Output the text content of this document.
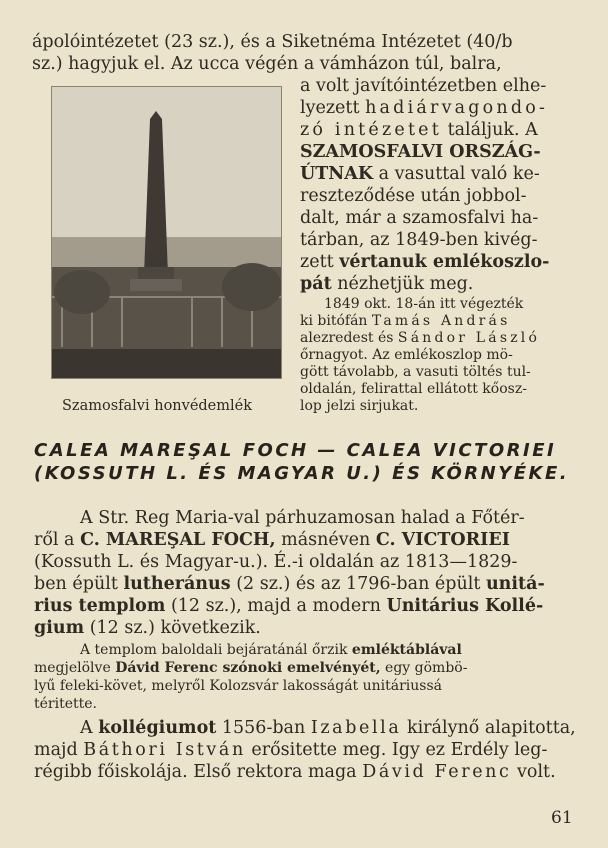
ápolóintézetet (23 sz.), és a Siketnéma Intézetet (40/b
sz.) hagyjuk el. Az ucca végén a vámházon túl, balra,
a volt javítóintézetben elhe-
lyezett hadiárvagondo-
zó intézetet találjuk. A
SZAMOSFALVI ORSZÁG-
ÚTNAK a vasuttal való ke-
reszteződése után jobbol-
dalt, már a szamosfalvi ha-
tárban, az 1849-ben kivég-
zett vértanuk emlékoszlo-
pát nézhetjük meg.
1849 okt. 18-án itt végezték
ki bitófán Tamás András
alezredest és Sándor László
őrnagyot. Az emlékoszlop mö-
gött távolabb, a vasuti töltés tul-
oldalán, felirattal ellátott kőosz-
lop jelzi sirjukat.
Szamosfalvi honvédemlék
CALEA MAREŞAL FOCH — CALEA VICTORIEI
(KOSSUTH L. ÉS MAGYAR U.) ÉS KÖRNYÉKE.
A Str. Reg Maria-val párhuzamosan halad a Főtér-
ről a C. MAREŞAL FOCH, másnéven C. VICTORIEI
(Kossuth L. és Magyar-u.). É.-i oldalán az 1813—1829-
ben épült lutheránus (2 sz.) és az 1796-ban épült unitá-
rius templom (12 sz.), majd a modern Unitárius Kollé-
gium (12 sz.) következik.
A templom baloldali bejáratánál őrzik emléktáblával
megjelölve Dávid Ferenc szónoki emelvényét, egy gömbö-
lyű feleki-követ, melyről Kolozsvár lakosságát unitáriussá
téritette.
A kollégiumot 1556-ban Izabella királynő alapitotta,
majd Báthori István erősitette meg. Igy ez Erdély leg-
régibb főiskolája. Első rektora maga Dávid Ferenc volt.
61
